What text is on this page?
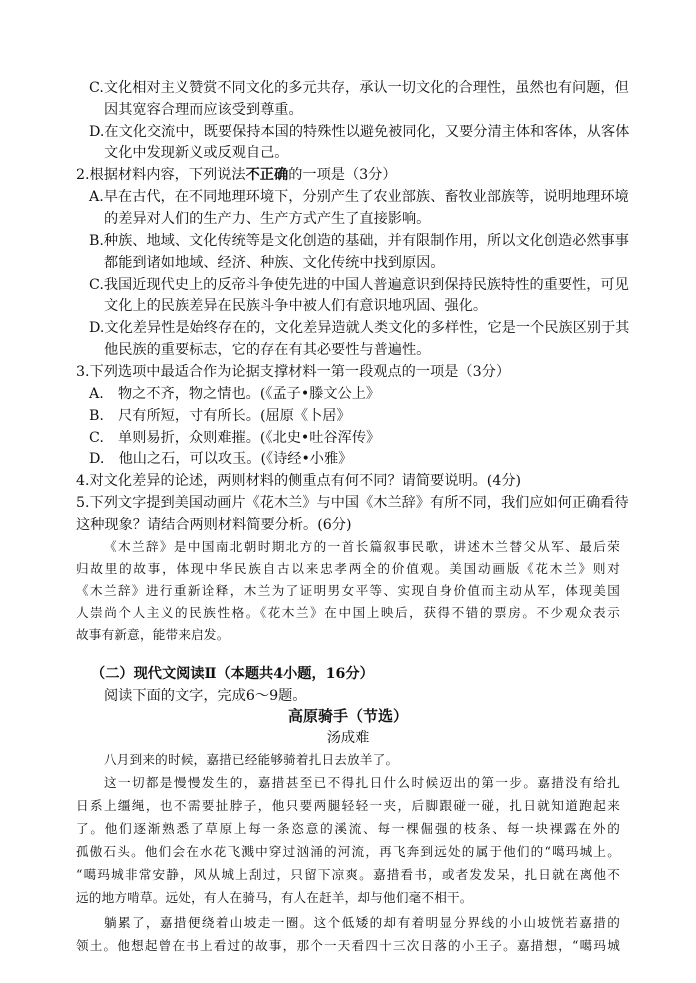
C.文化相对主义赞赏不同文化的多元共存，承认一切文化的合理性，虽然也有问题，但
因其宽容合理而应该受到尊重。
D.在文化交流中，既要保持本国的特殊性以避免被同化，又要分清主体和客体，从客体
文化中发现新义或反观自己。
2.根据材料内容，下列说法不正确的一项是（3分）
A.早在古代，在不同地理环境下，分别产生了农业部族、畜牧业部族等，说明地理环境
的差异对人们的生产力、生产方式产生了直接影响。
B.种族、地域、文化传统等是文化创造的基础，并有限制作用，所以文化创造必然事事
都能到诸如地域、经济、种族、文化传统中找到原因。
C.我国近现代史上的反帝斗争使先进的中国人普遍意识到保持民族特性的重要性，可见
文化上的民族差异在民族斗争中被人们有意识地巩固、强化。
D.文化差异性是始终存在的，文化差异造就人类文化的多样性，它是一个民族区别于其
他民族的重要标志，它的存在有其必要性与普遍性。
3.下列选项中最适合作为论据支撑材料一第一段观点的一项是（3分）
A.　物之不齐，物之情也。(《孟子•滕文公上》
B.　尺有所短，寸有所长。(屈原《卜居》
C.　单则易折，众则难摧。(《北史•吐谷浑传》
D.　他山之石，可以攻玉。(《诗经•小雅》
4.对文化差异的论述，两则材料的侧重点有何不同？请简要说明。(4分)
5.下列文字提到美国动画片《花木兰》与中国《木兰辞》有所不同，我们应如何正确看待
这种现象？请结合两则材料简要分析。(6分)
《木兰辞》是中国南北朝时期北方的一首长篇叙事民歌，讲述木兰替父从军、最后荣
归故里的故事，体现中华民族自古以来忠孝两全的价值观。美国动画版《花木兰》则对
《木兰辞》进行重新诠释，木兰为了证明男女平等、实现自身价值而主动从军，体现美国
人崇尚个人主义的民族性格。《花木兰》在中国上映后，获得不错的票房。不少观众表示
故事有新意，能带来启发。
（二）现代文阅读Ⅱ（本题共4小题，16分）
阅读下面的文字，完成6～9题。
高原骑手（节选）
汤成难
八月到来的时候，嘉措已经能够骑着扎日去放羊了。
这一切都是慢慢发生的，嘉措甚至已不得扎日什么时候迈出的第一步。嘉措没有给扎
日系上缰绳，也不需要扯脖子，他只要两腿轻轻一夹，后脚跟碰一碰，扎日就知道跑起来
了。他们逐渐熟悉了草原上每一条恣意的溪流、每一棵倔强的枝条、每一块裸露在外的
孤傲石头。他们会在水花飞溅中穿过汹涌的河流，再飞奔到远处的属于他们的“噶玛城上。
“噶玛城非常安静，风从城上刮过，只留下凉爽。嘉措看书，或者发发呆，扎日就在离他不
远的地方啃草。远处，有人在骑马，有人在赶羊，却与他们毫不相干。
躺累了，嘉措便绕着山坡走一圈。这个低矮的却有着明显分界线的小山坡恍若嘉措的
领土。他想起曾在书上看过的故事，那个一天看四十三次日落的小王子。嘉措想，“噶玛城
